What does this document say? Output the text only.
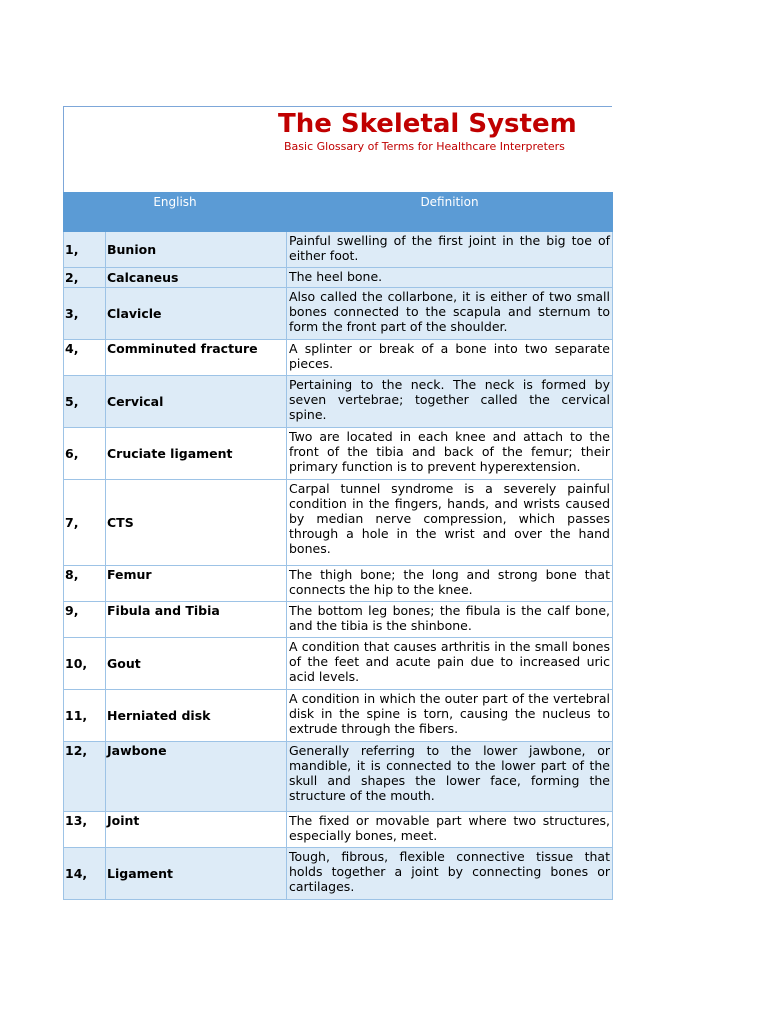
The Skeletal System
Basic Glossary of Terms for Healthcare Interpreters
English		Definition
1,	Bunion	Painful swelling of the first joint in the big toe of either foot.
2,	Calcaneus	The heel bone.
3,	Clavicle	Also called the collarbone, it is either of two small bones connected to the scapula and sternum to form the front part of the shoulder.
4,	Comminuted fracture	A splinter or break of a bone into two separate pieces.
5,	Cervical	Pertaining to the neck. The neck is formed by seven vertebrae; together called the cervical spine.
6,	Cruciate ligament	Two are located in each knee and attach to the front of the tibia and back of the femur; their primary function is to prevent hyperextension.

7,	CTS	Carpal tunnel syndrome is a severely painful condition in the fingers, hands, and wrists caused by median nerve compression, which passes through a hole in the wrist and over the hand bones.

8,	Femur	The thigh bone; the long and strong bone that connects the hip to the knee.
9,	Fibula and Tibia	The bottom leg bones; the fibula is the calf bone, and the tibia is the shinbone.
10,	Gout	A condition that causes arthritis in the small bones of the feet and acute pain due to increased uric acid levels.
11,	Herniated disk	A condition in which the outer part of the vertebral disk in the spine is torn, causing the nucleus to extrude through the fibers.
12,	Jawbone	Generally referring to the lower jawbone, or mandible, it is connected to the lower part of the skull and shapes the lower face, forming the structure of the mouth.
13,	Joint	The fixed or movable part where two structures, especially bones, meet.
14,	Ligament	Tough, fibrous, flexible connective tissue that holds together a joint by connecting bones or cartilages.
